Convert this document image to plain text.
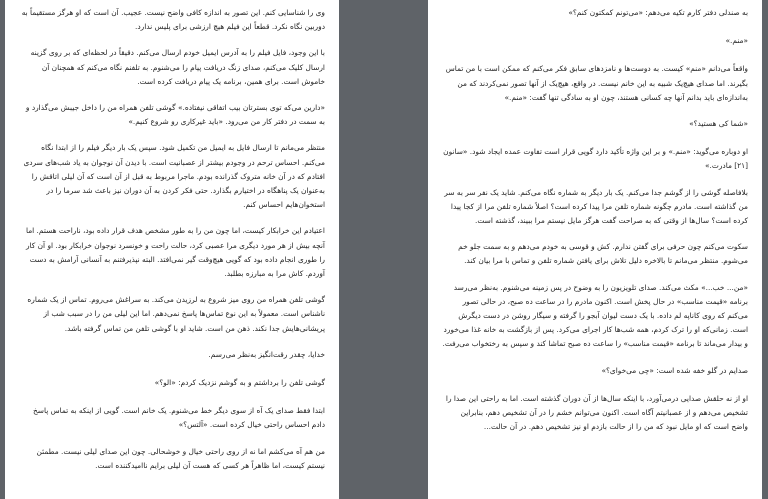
وی را شناسایی کنم. این تصور به اندازه کافی واضح نیست. عجیب. آن است که او هرگز مستقیماً به دوربین نگاه نکرد. قطعاً این فیلم هیچ ارزشی برای پلیس ندارد.

با این وجود، فایل فیلم را به آدرس ایمیل خودم ارسال می‌کنم. دقیقاً در لحظه‌ای که بر روی گزینه ارسال کلیک می‌کنم، صدای زنگ دریافت پیام را می‌شنوم. به تلفنم نگاه می‌کنم که همچنان آن خاموش است. برای همین، برنامه یک پیام دریافت کرده است.

«دارین می‌که توی بسترتان بیب اتفاقی نیفتاده.» گوشی تلفن همراه من را داخل جیبش می‌گذارد و به سمت در دفتر کار من می‌رود. «باید غیرکاری رو شروع کنیم.»

منتظر می‌مانم تا ارسال فایل به ایمیل من تکمیل شود. سپس یک بار دیگر فیلم را از ابتدا نگاه می‌کنم. احساس ترحم در وجودم بیشتر از عصبانیت است. با دیدن آن نوجوان به یاد شب‌های سردی افتادم که در آن خانه متروک گذرانده بودم. ماجرا مربوط به قبل از آن است که آن لیلی اتاقش را به‌عنوان یک پناهگاه در اختیارم بگذارد. حتی فکر کردن به آن دوران نیز باعث شد سرما را در استخوان‌هایم احساس کنم.

اعتیادم این خرابکار کیست، اما چون من را به طور مشخص هدف قرار داده بود، ناراحت هستم. اما آنچه بیش از هر مورد دیگری مرا عصبی کرد، حالت راحت و خونسرد نوجوان خرابکار بود. او آن کار را طوری انجام داده بود که گویی هیچ‌وقت گیر نمی‌افتد. البته نپذیرفتنم به آنسانی آرامش به دست آوردم. کاش مرا به مبارزه بطلبد.

گوشی تلفن همراه من روی میز شروع به لرزیدن می‌کند. به سراغش می‌روم. تماس از یک شماره ناشناس است. معمولاً به این نوع تماس‌ها پاسخ نمی‌دهم. اما این لیلی من را در سبب شب از پریشانی‌هایش جدا نکند. ذهن من است. شاید او با گوشی تلفن من تماس گرفته باشد.

خدایا، چقدر رقت‌انگیز به‌نظر می‌رسم.

گوشی تلفن را برداشتم و به گوشم نزدیک کردم: «الو؟»

ابتدا فقط صدای یک آه از سوی دیگر خط می‌شنوم. یک خانم است. گویی از اینکه به تماس پاسخ دادم احساس راحتی خیال کرده است. «آلتس؟»

من هم آه می‌کشم اما نه از روی راحتی خیال و خوشحالی. چون این صدای لیلی نیست. مطمئن نیستم کیست، اما ظاهراً هر کسی که هست آن لیلی برایم ناامیدکننده است.

به صندلی دفتر کارم تکیه می‌دهم: «می‌تونم کمکتون کنم؟»

«منم.»

واقعاً می‌دانم «منم» کیست. به دوست‌ها و نامزدهای سابق فکر می‌کنم که ممکن است با من تماس بگیرند. اما صدای هیچ‌یک شبیه به این خانم نیست. در واقع، هیچ‌یک از آنها تصور نمی‌کردند که من به‌اندازه‌ای باید بدانم آنها چه کسانی هستند، چون او به سادگی تنها گفت: «منم.»

«شما کی هستید؟»

او دوباره می‌گوید: «منم.» و بر این واژه تأکید دارد گویی قرار است تفاوت عمده ایجاد شود. «سانون [۲۱] مادرت.»

بلافاصله گوشی را از گوشم جدا می‌کنم. یک بار دیگر به شماره نگاه می‌کنم. شاید یک نفر سر به سر من گذاشته است. مادرم چگونه شماره تلفن مرا پیدا کرده است؟ اصلاً شماره تلفن مرا از کجا پیدا کرده است؟ سال‌ها از وقتی که به صراحت گفت هرگز مایل نیستم مرا ببیند، گذشته است.

سکوت می‌کنم چون حرفی برای گفتن ندارم. کش و قوسی به خودم می‌دهم و به سمت جلو خم می‌شوم. منتظر می‌مانم تا بالاخره دلیل تلاش برای یافتن شماره تلفن و تماس با مرا بیان کند.

«من... خب...» مکث می‌کند. صدای تلویزیون را به وضوح در پس زمینه می‌شنوم. به‌نظر می‌رسد برنامه «قیمت مناسب» در حال پخش است. اکنون مادرم را در ساعت ده صبح، در حالی تصور می‌کنم که روی کاناپه لم داده. با یک دست لیوان آبجو را گرفته و سیگار روشن در دست دیگرش است. زمانی‌که او را ترک کردم، همه شب‌ها کار اجرای می‌کرد. پس از بازگشت به خانه غذا می‌خورد و بیدار می‌ماند تا برنامه «قیمت مناسب» را ساعت ده صبح تماشا کند و سپس به رختخواب می‌رفت.

صدایم در گلو خفه شده است: «چی می‌خوای؟»

او از نه حلقش صدایی درمی‌آورد، با اینکه سال‌ها از آن دوران گذشته است. اما به راحتی این صدا را تشخیص می‌دهم و از عصبانیتم آگاه است. اکنون می‌توانم خشم را در آن تشخیص دهم، بنابراین واضح است که او مایل نبود که من را از حالت بازدم او نیز تشخیص دهم. در آن حالت...
